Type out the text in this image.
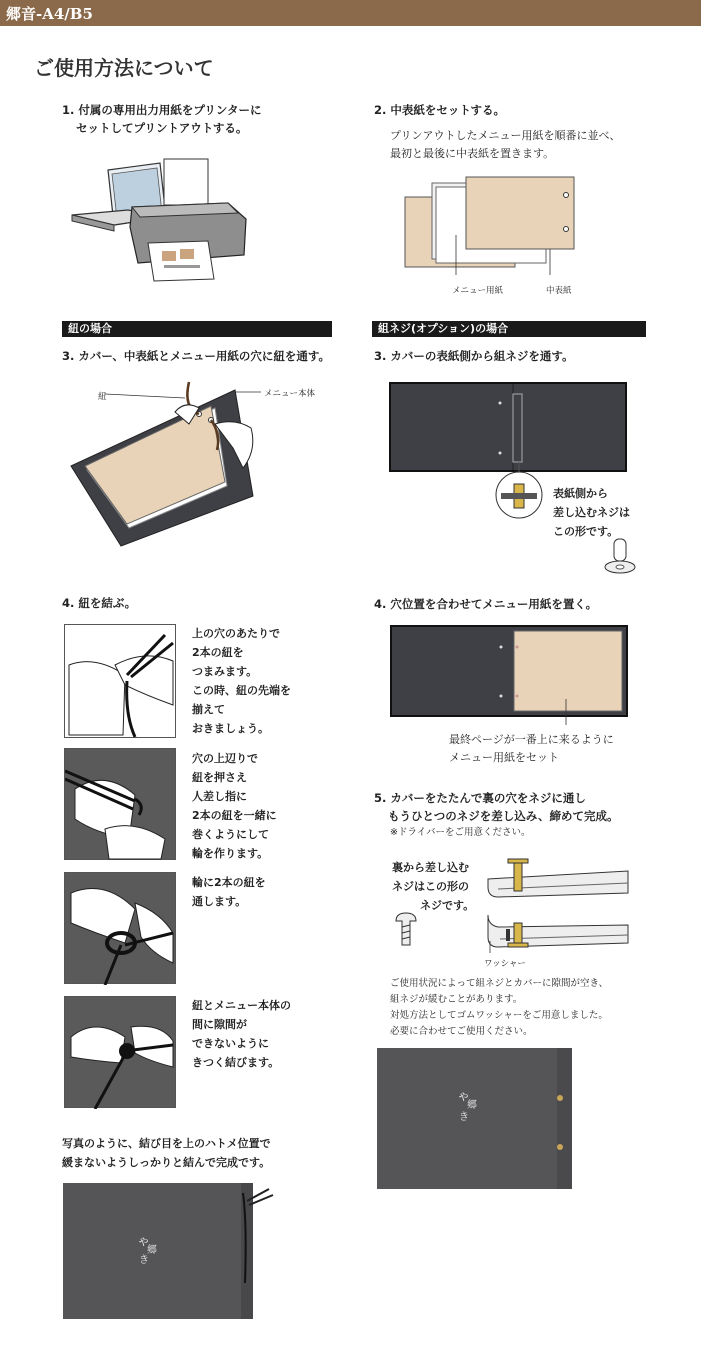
郷音-A4/B5
ご使用方法について
1. 付属の専用出力用紙をプリンターに
セットしてプリントアウトする。
2. 中表紙をセットする。
プリンアウトしたメニュー用紙を順番に並べ、
最初と最後に中表紙を置きます。
メニュー用紙	中表紙
紐の場合	組ネジ(オプション)の場合
3. カバー、中表紙とメニュー用紙の穴に紐を通す。
紐	メニュー本体
3. カバーの表紙側から組ネジを通す。
表紙側から
差し込むネジは
この形です。
4. 紐を結ぶ。
上の穴のあたりで
2本の紐を
つまみます。
この時、紐の先端を
揃えて
おきましょう。
穴の上辺りで
紐を押さえ
人差し指に
2本の紐を一緒に
巻くようにして
輪を作ります。
輪に2本の紐を
通します。
紐とメニュー本体の
間に隙間が
できないように
きつく結びます。
写真のように、結び目を上のハトメ位置で
緩まないようしっかりと結んで完成です。
ゃ
郷
き
4. 穴位置を合わせてメニュー用紙を置く。
最終ページが一番上に来るように
メニュー用紙をセット
5. カバーをたたんで裏の穴をネジに通し
もうひとつのネジを差し込み、締めて完成。
※ドライバーをご用意ください。
裏から差し込む
ネジはこの形の
ネジです。
ワッシャー
ご使用状況によって組ネジとカバーに隙間が空き、
組ネジが緩むことがあります。
対処方法としてゴムワッシャーをご用意しました。
必要に合わせてご使用ください。
ゃ
郷
き
